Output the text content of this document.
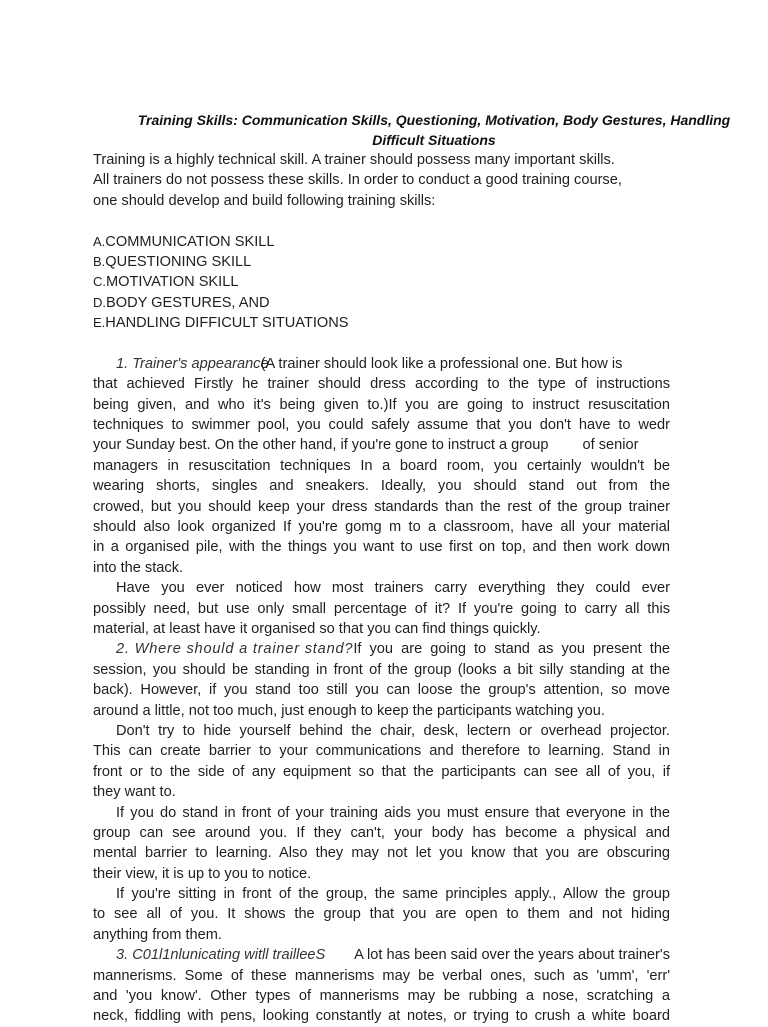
Training Skills: Communication Skills, Questioning, Motivation, Body Gestures, Handling
Difficult Situations
Training is a highly technical skill. A trainer should possess many important skills.
All trainers do not possess these skills. In order to conduct a good training course,
one should develop and build following training skills:
A.COMMUNICATION SKILL
B.QUESTIONING SKILL
C.MOTIVATION SKILL
D.BODY GESTURES, AND
E.HANDLING DIFFICULT SITUATIONS
1. Trainer's appearance(A trainer should look like a professional one. But how is
that achieved Firstly he trainer should dress according to the type of instructions
being given, and who it's being given to.)If you are going to instruct resuscitation
techniques to swimmer pool, you could safely assume that you don't have to wedr
your Sunday best. On the other hand, if you're gone to instruct a group of senior
managers in resuscitation techniques In a board room, you certainly wouldn't be
wearing shorts, singles and sneakers. Ideally, you should stand out from the
crowed, but you should keep your dress standards than the rest of the group trainer
should also look organized If you're gomg m to a classroom, have all your material
in a organised pile, with the things you want to use first on top, and then work down
into the stack.
Have you ever noticed how most trainers carry everything they could ever
possibly need, but use only small percentage of it? If you're going to carry all this
material, at least have it organised so that you can find things quickly.
2. Where should a trainer stand? If you are going to stand as you present the
session, you should be standing in front of the group (looks a bit silly standing at the
back). However, if you stand too still you can loose the group's attention, so move
around a little, not too much, just enough to keep the participants watching you.
Don't try to hide yourself behind the chair, desk, lectern or overhead projector.
This can create barrier to your communications and therefore to learning. Stand in
front or to the side of any equipment so that the participants can see all of you, if
they want to.
If you do stand in front of your training aids you must ensure that everyone in the
group can see around you. If they can't, your body has become a physical and
mental barrier to learning. Also they may not let you know that you are obscuring
their view, it is up to you to notice.
If you're sitting in front of the group, the same principles apply., Allow the group
to see all of you. It shows the group that you are open to them and not hiding
anything from them.
3. C01l1nlunicating witll trailleeS A lot has been said over the years about trainer's
mannerisms. Some of these mannerisms may be verbal ones, such as 'umm', 'err'
and 'you know'. Other types of mannerisms may be rubbing a nose, scratching a
neck, fiddling with pens, looking constantly at notes, or trying to crush a white board
